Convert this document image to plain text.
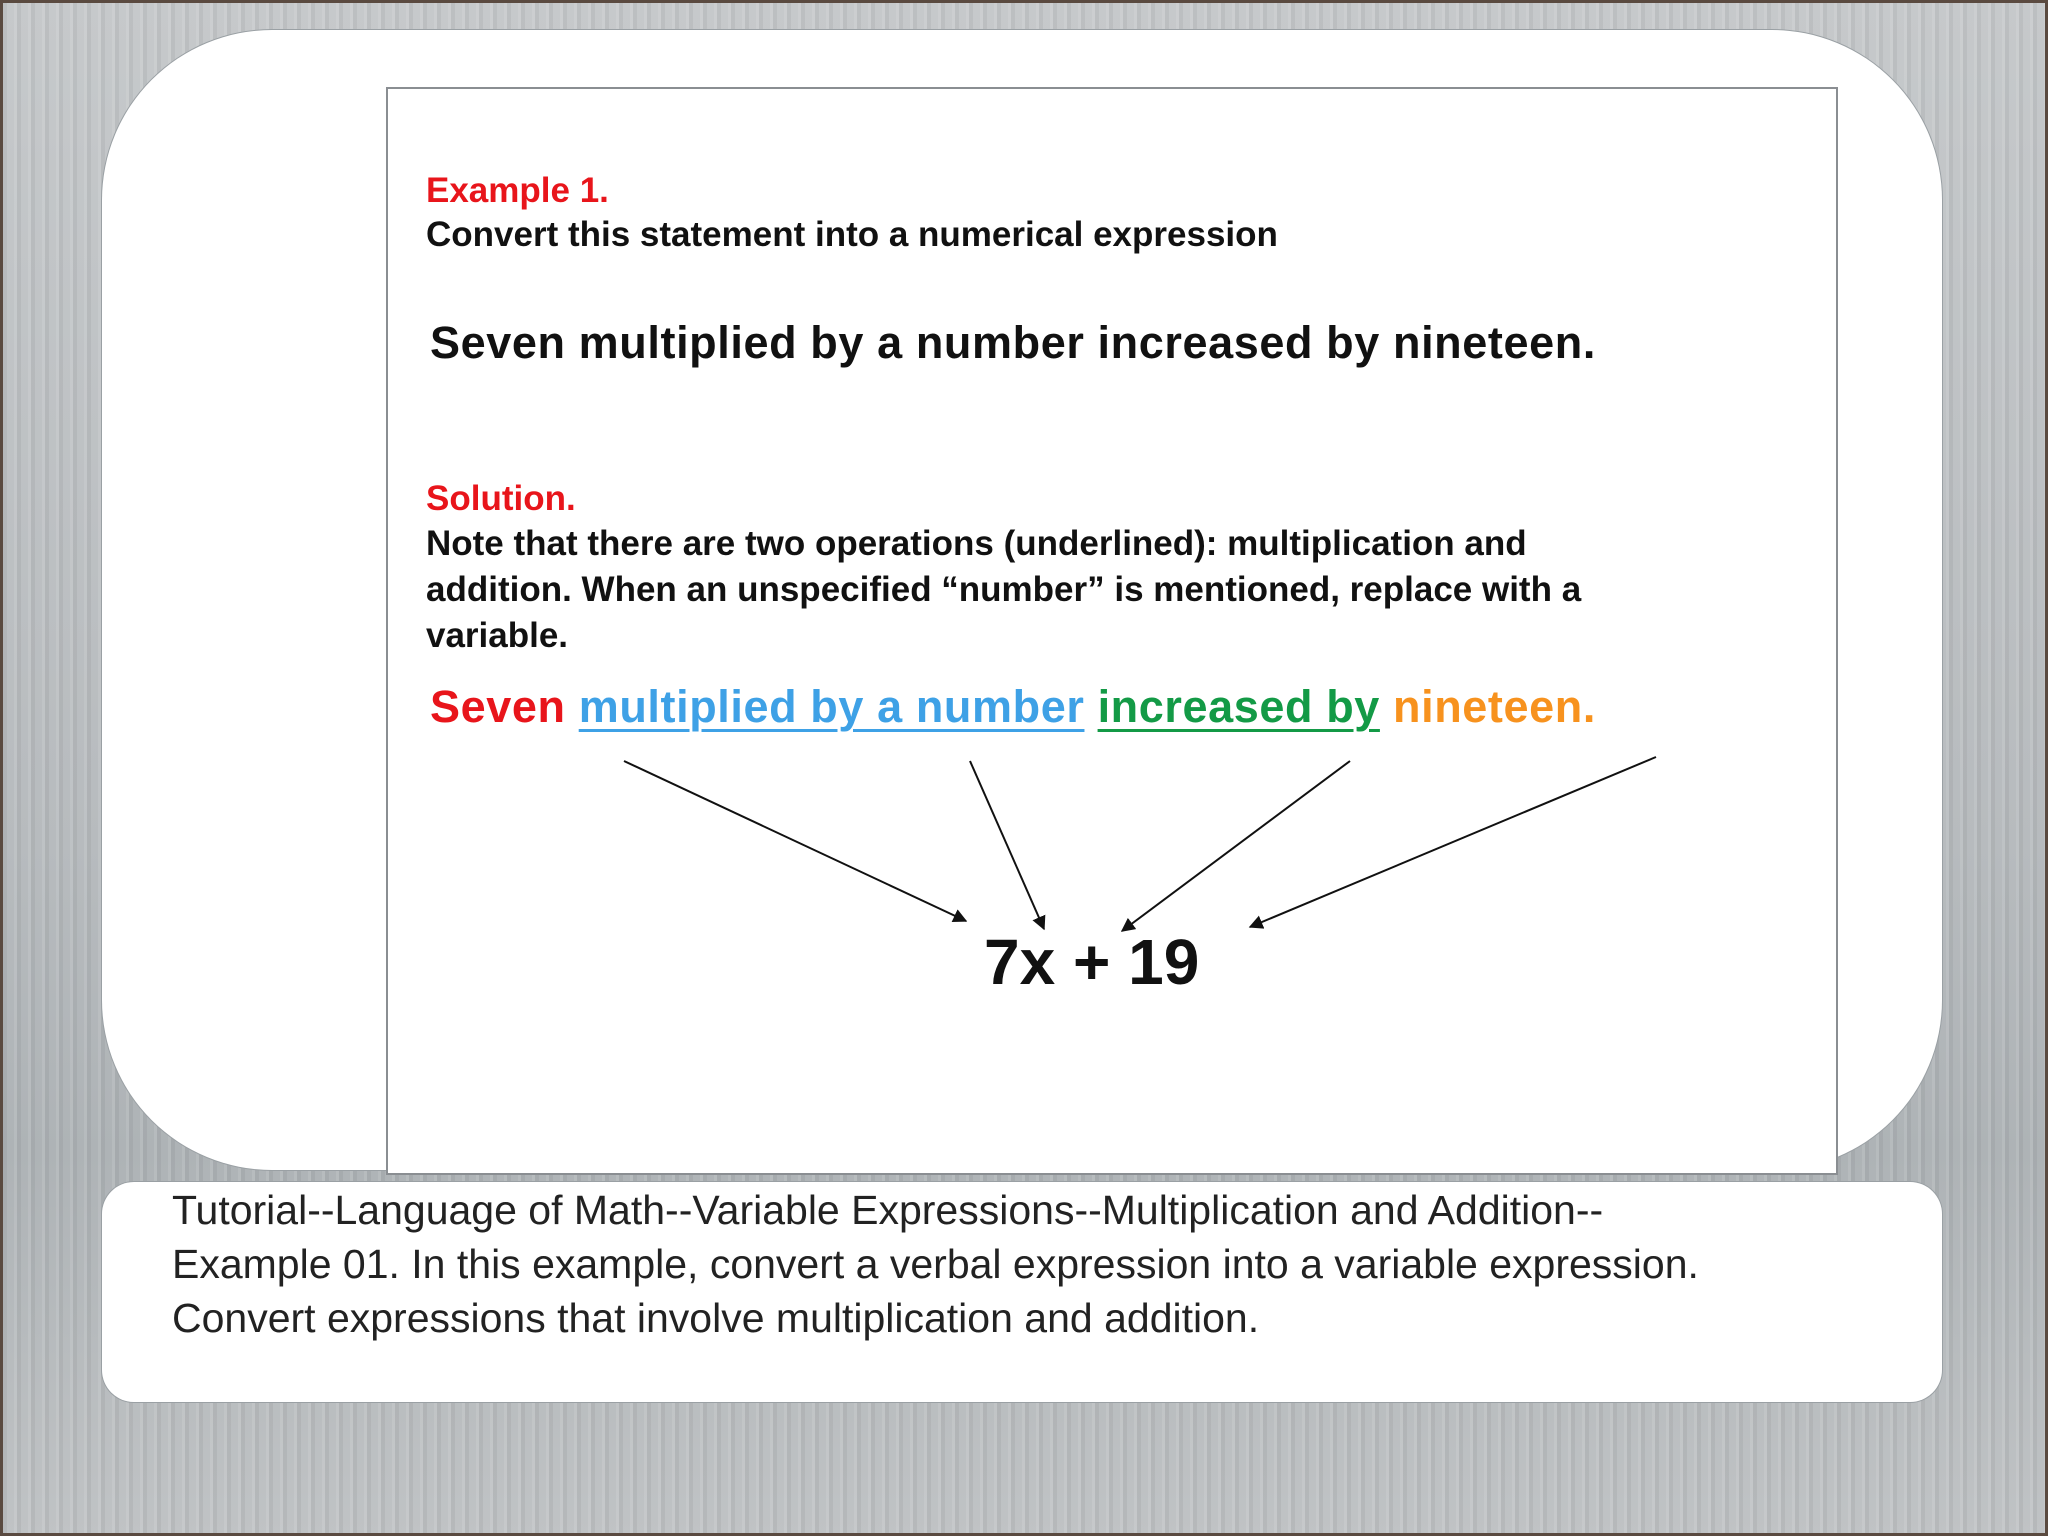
Example 1.
Convert this statement into a numerical expression
Seven multiplied by a number increased by nineteen.
Solution.
Note that there are two operations (underlined): multiplication and
addition. When an unspecified “number” is mentioned, replace with a
variable.
Seven multiplied by a number increased by nineteen.
7x + 19
Tutorial--Language of Math--Variable Expressions--Multiplication and Addition--
Example 01. In this example, convert a verbal expression into a variable expression.
Convert expressions that involve multiplication and addition.
